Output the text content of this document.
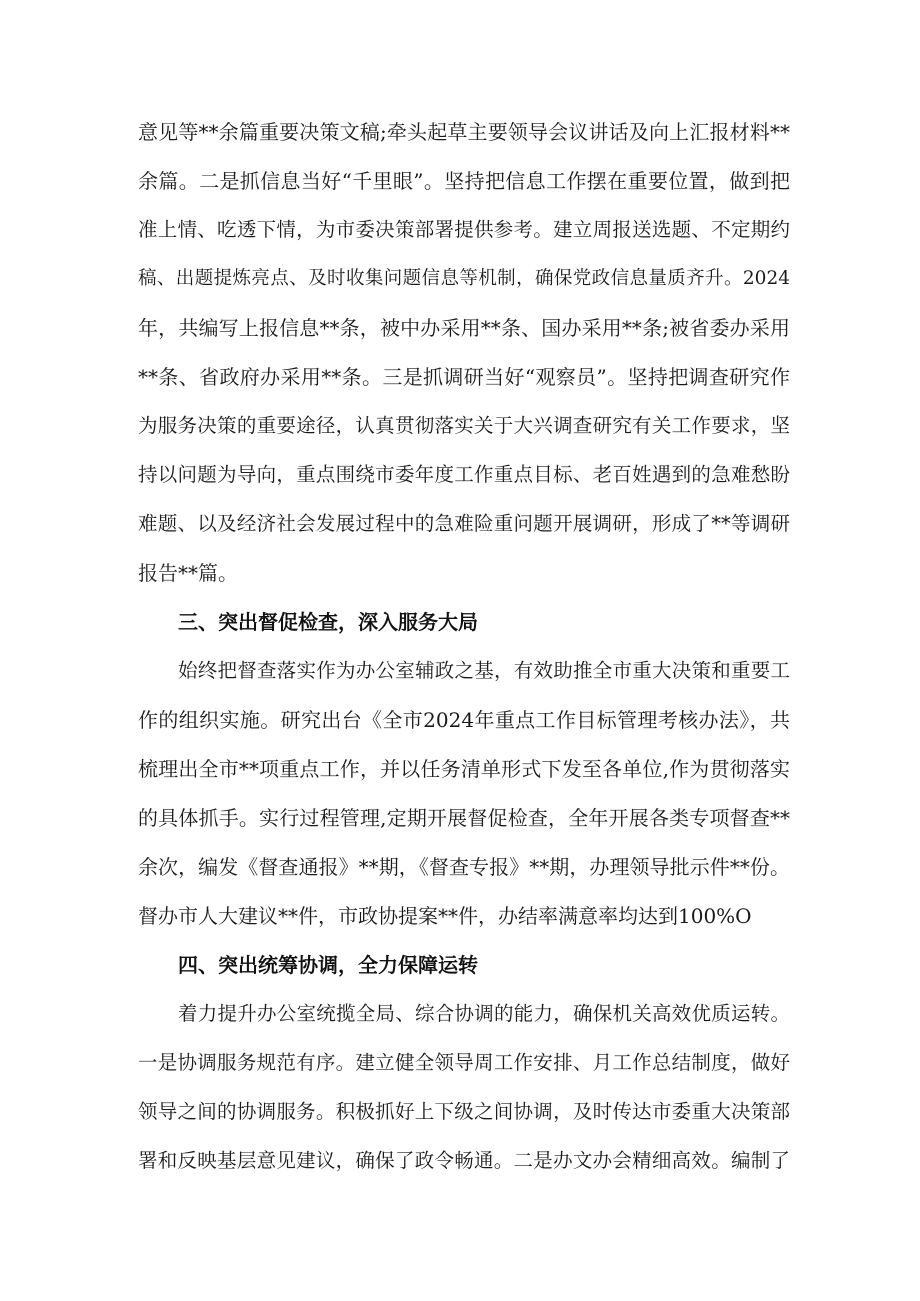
意见等**余篇重要决策文稿;牵头起草主要领导会议讲话及向上汇报材料**
余篇。二是抓信息当好“千里眼”。坚持把信息工作摆在重要位置，做到把
准上情、吃透下情，为市委决策部署提供参考。建立周报送选题、不定期约
稿、出题提炼亮点、及时收集问题信息等机制，确保党政信息量质齐升。2024
年，共编写上报信息**条，被中办采用**条、国办采用**条;被省委办采用
**条、省政府办采用**条。三是抓调研当好“观察员”。坚持把调查研究作
为服务决策的重要途径，认真贯彻落实关于大兴调查研究有关工作要求，坚
持以问题为导向，重点围绕市委年度工作重点目标、老百姓遇到的急难愁盼
难题、以及经济社会发展过程中的急难险重问题开展调研，形成了**等调研
报告**篇。
三、突出督促检查，深入服务大局
始终把督查落实作为办公室辅政之基，有效助推全市重大决策和重要工
作的组织实施。研究出台《全市2024年重点工作目标管理考核办法》，共
梳理出全市**项重点工作，并以任务清单形式下发至各单位,作为贯彻落实
的具体抓手。实行过程管理,定期开展督促检查，全年开展各类专项督查**
余次，编发《督查通报》**期，《督查专报》**期，办理领导批示件**份。
督办市人大建议**件，市政协提案**件，办结率满意率均达到100%O
四、突出统筹协调，全力保障运转
着力提升办公室统揽全局、综合协调的能力，确保机关高效优质运转。
一是协调服务规范有序。建立健全领导周工作安排、月工作总结制度，做好
领导之间的协调服务。积极抓好上下级之间协调，及时传达市委重大决策部
署和反映基层意见建议，确保了政令畅通。二是办文办会精细高效。编制了
